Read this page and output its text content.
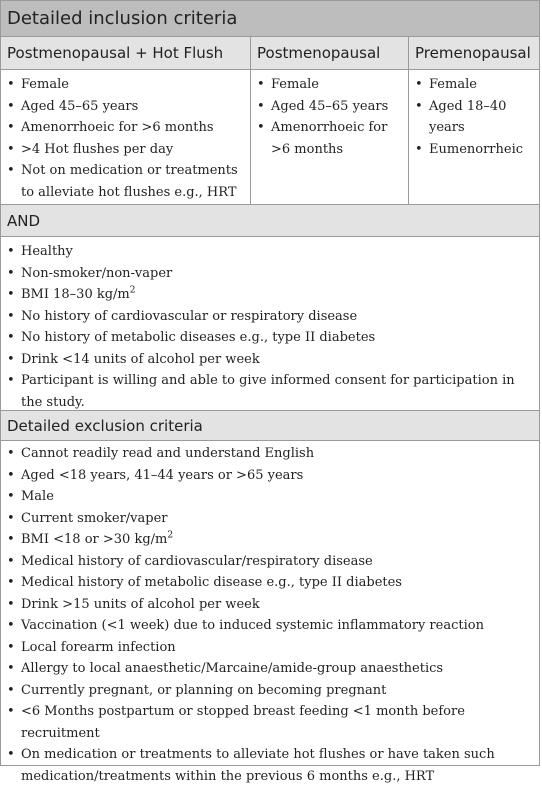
Detailed inclusion criteria
Postmenopausal + Hot Flush	Postmenopausal	Premenopausal
• Female
• Aged 45–65 years
• Amenorrhoeic for >6 months
• >4 Hot flushes per day
• Not on medication or treatments to alleviate hot flushes e.g., HRT
• Female
• Aged 45–65 years
• Amenorrhoeic for >6 months
• Female
• Aged 18–40 years
• Eumenorrheic
AND
• Healthy
• Non-smoker/non-vaper
• BMI 18–30 $kg/m^2$
• No history of cardiovascular or respiratory disease
• No history of metabolic diseases e.g., type II diabetes
• Drink <14 units of alcohol per week
• Participant is willing and able to give informed consent for participation in the study.
Detailed exclusion criteria
• Cannot readily read and understand English
• Aged <18 years, 41–44 years or >65 years
• Male
• Current smoker/vaper
• BMI <18 or >30 $kg/m^2$
• Medical history of cardiovascular/respiratory disease
• Medical history of metabolic disease e.g., type II diabetes
• Drink >15 units of alcohol per week
• Vaccination (<1 week) due to induced systemic inflammatory reaction
• Local forearm infection
• Allergy to local anaesthetic/Marcaine/amide-group anaesthetics
• Currently pregnant, or planning on becoming pregnant
• <6 Months postpartum or stopped breast feeding <1 month before recruitment
• On medication or treatments to alleviate hot flushes or have taken such medication/treatments within the previous 6 months e.g., HRT
